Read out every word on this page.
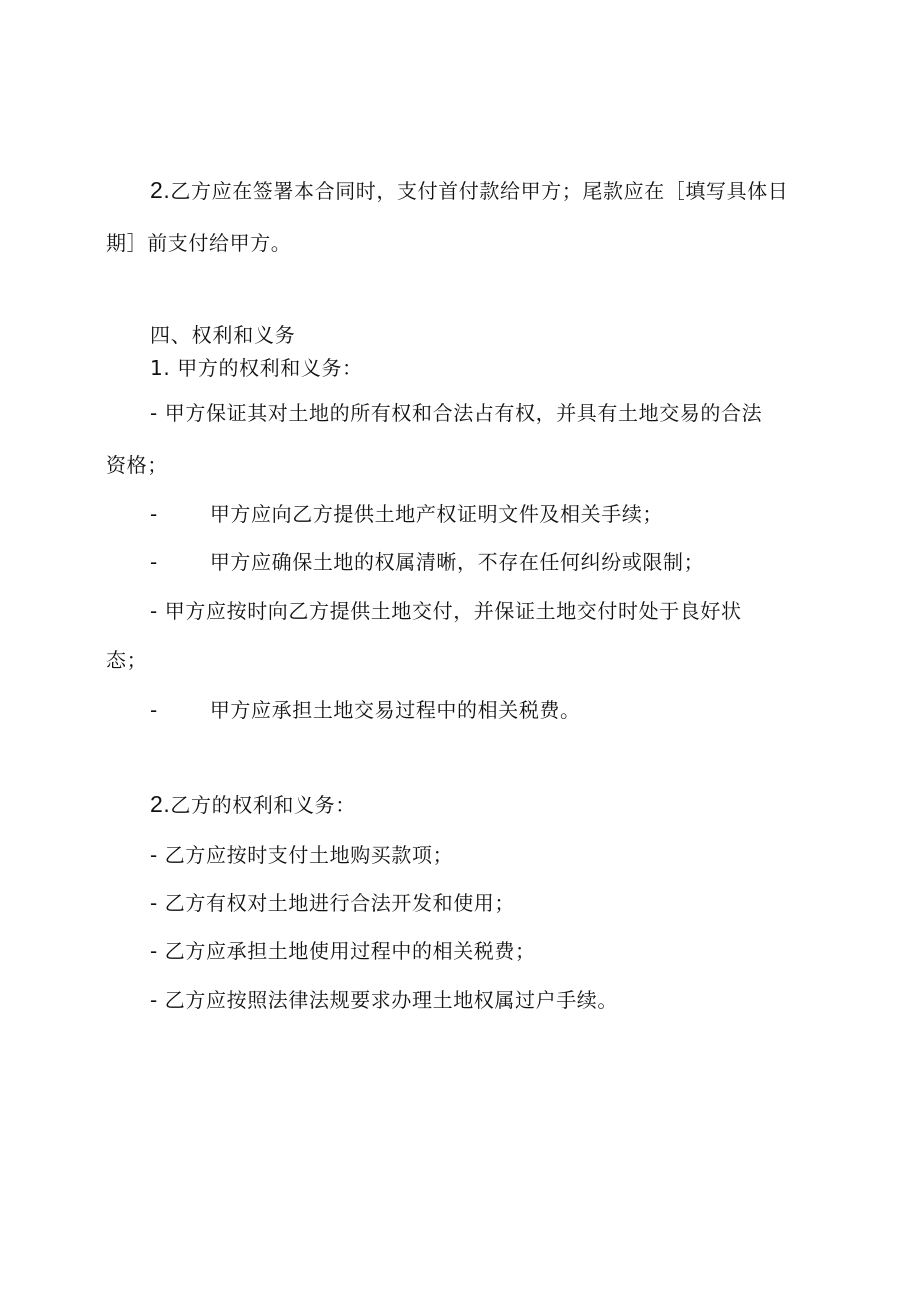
2.乙方应在签署本合同时，支付首付款给甲方；尾款应在［填写具体日
期］前支付给甲方。
四、权利和义务
1. 甲方的权利和义务：
- 甲方保证其对土地的所有权和合法占有权，并具有土地交易的合法
资格；
-	甲方应向乙方提供土地产权证明文件及相关手续；
-	甲方应确保土地的权属清晰，不存在任何纠纷或限制；
- 甲方应按时向乙方提供土地交付，并保证土地交付时处于良好状
态；
-	甲方应承担土地交易过程中的相关税费。
2.乙方的权利和义务：
- 乙方应按时支付土地购买款项；
- 乙方有权对土地进行合法开发和使用；
- 乙方应承担土地使用过程中的相关税费；
- 乙方应按照法律法规要求办理土地权属过户手续。
